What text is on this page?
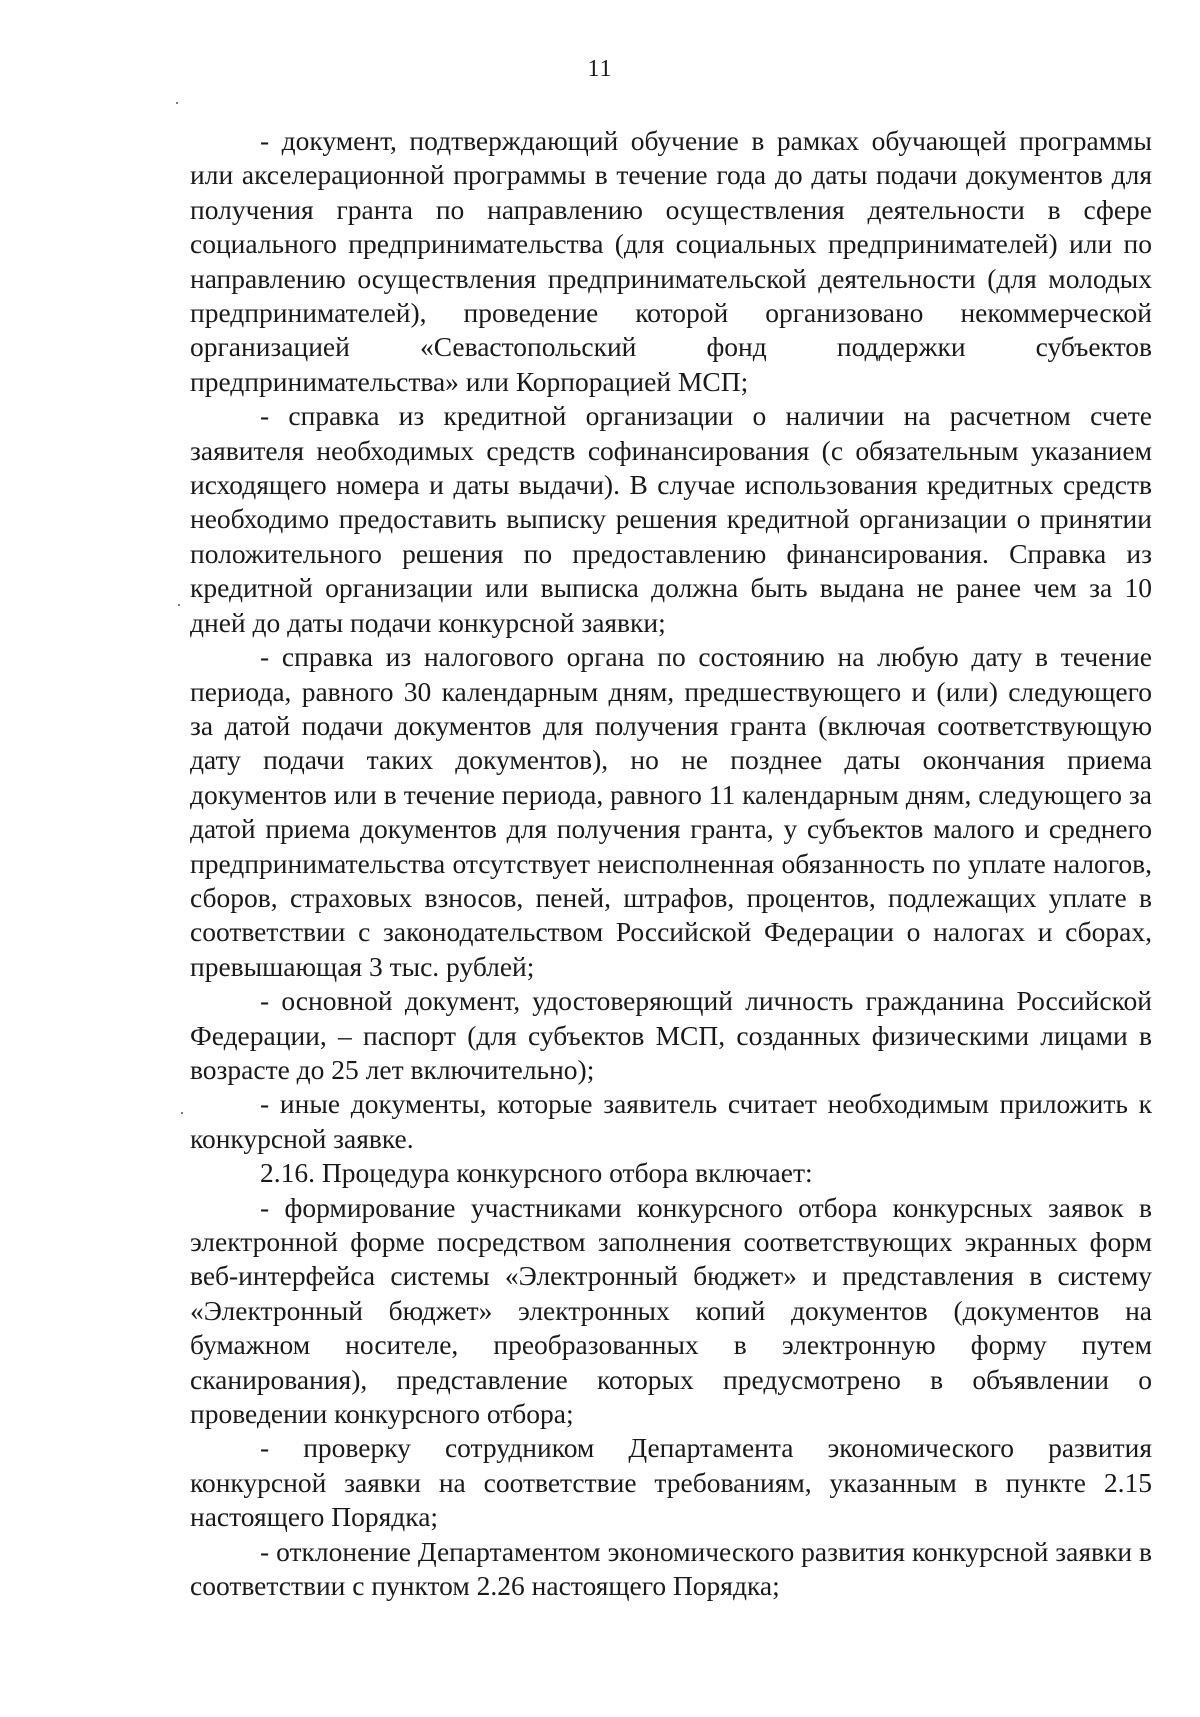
11

- документ, подтверждающий обучение в рамках обучающей программы или акселерационной программы в течение года до даты подачи документов для получения гранта по направлению осуществления деятельности в сфере социального предпринимательства (для социальных предпринимателей) или по направлению осуществления предпринимательской деятельности (для молодых предпринимателей), проведение которой организовано некоммерческой организацией «Севастопольский фонд поддержки субъектов предпринимательства» или Корпорацией МСП;

- справка из кредитной организации о наличии на расчетном счете заявителя необходимых средств софинансирования (с обязательным указанием исходящего номера и даты выдачи). В случае использования кредитных средств необходимо предоставить выписку решения кредитной организации о принятии положительного решения по предоставлению финансирования. Справка из кредитной организации или выписка должна быть выдана не ранее чем за 10 дней до даты подачи конкурсной заявки;

- справка из налогового органа по состоянию на любую дату в течение периода, равного 30 календарным дням, предшествующего и (или) следующего за датой подачи документов для получения гранта (включая соответствующую дату подачи таких документов), но не позднее даты окончания приема документов или в течение периода, равного 11 календарным дням, следующего за датой приема документов для получения гранта, у субъектов малого и среднего предпринимательства отсутствует неисполненная обязанность по уплате налогов, сборов, страховых взносов, пеней, штрафов, процентов, подлежащих уплате в соответствии с законодательством Российской Федерации о налогах и сборах, превышающая 3 тыс. рублей;

- основной документ, удостоверяющий личность гражданина Российской Федерации, – паспорт (для субъектов МСП, созданных физическими лицами в возрасте до 25 лет включительно);

- иные документы, которые заявитель считает необходимым приложить к конкурсной заявке.

2.16. Процедура конкурсного отбора включает:

- формирование участниками конкурсного отбора конкурсных заявок в электронной форме посредством заполнения соответствующих экранных форм веб-интерфейса системы «Электронный бюджет» и представления в систему «Электронный бюджет» электронных копий документов (документов на бумажном носителе, преобразованных в электронную форму путем сканирования), представление которых предусмотрено в объявлении о проведении конкурсного отбора;

- проверку сотрудником Департамента экономического развития конкурсной заявки на соответствие требованиям, указанным в пункте 2.15 настоящего Порядка;

- отклонение Департаментом экономического развития конкурсной заявки в соответствии с пунктом 2.26 настоящего Порядка;
